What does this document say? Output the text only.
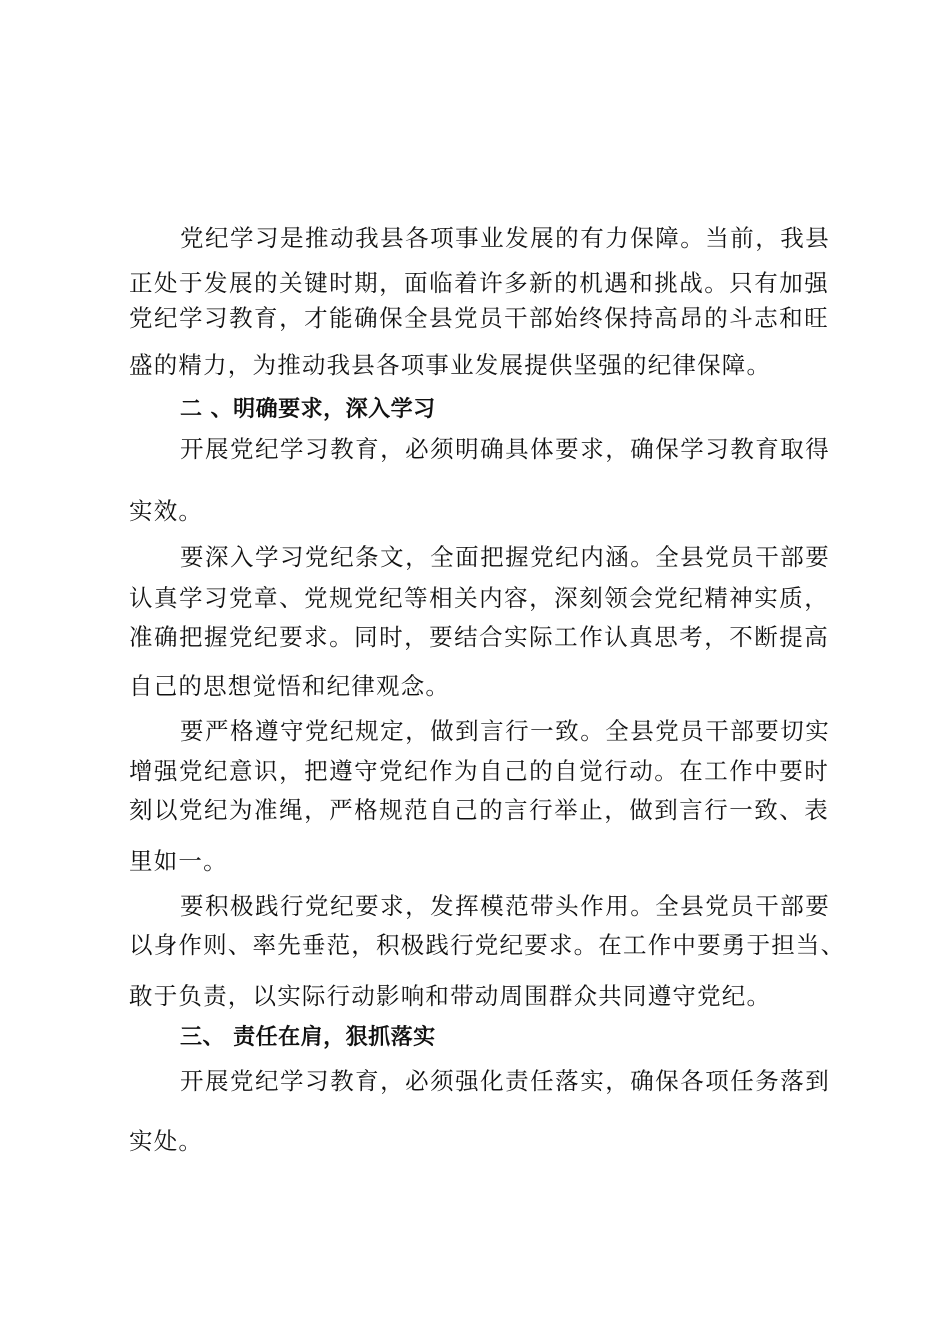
党纪学习是推动我县各项事业发展的有力保障。当前，我县
正处于发展的关键时期，面临着许多新的机遇和挑战。只有加强
党纪学习教育，才能确保全县党员干部始终保持高昂的斗志和旺
盛的精力，为推动我县各项事业发展提供坚强的纪律保障。
二 、明确要求，深入学习
开展党纪学习教育，必须明确具体要求，确保学习教育取得
实效。
要深入学习党纪条文，全面把握党纪内涵。全县党员干部要
认真学习党章、党规党纪等相关内容，深刻领会党纪精神实质，
准确把握党纪要求。同时，要结合实际工作认真思考，不断提高
自己的思想觉悟和纪律观念。
要严格遵守党纪规定，做到言行一致。全县党员干部要切实
增强党纪意识，把遵守党纪作为自己的自觉行动。在工作中要时
刻以党纪为准绳，严格规范自己的言行举止，做到言行一致、表
里如一。
要积极践行党纪要求，发挥模范带头作用。全县党员干部要
以身作则、率先垂范，积极践行党纪要求。在工作中要勇于担当、
敢于负责，以实际行动影响和带动周围群众共同遵守党纪。
三、 责任在肩，狠抓落实
开展党纪学习教育，必须强化责任落实，确保各项任务落到
实处。
